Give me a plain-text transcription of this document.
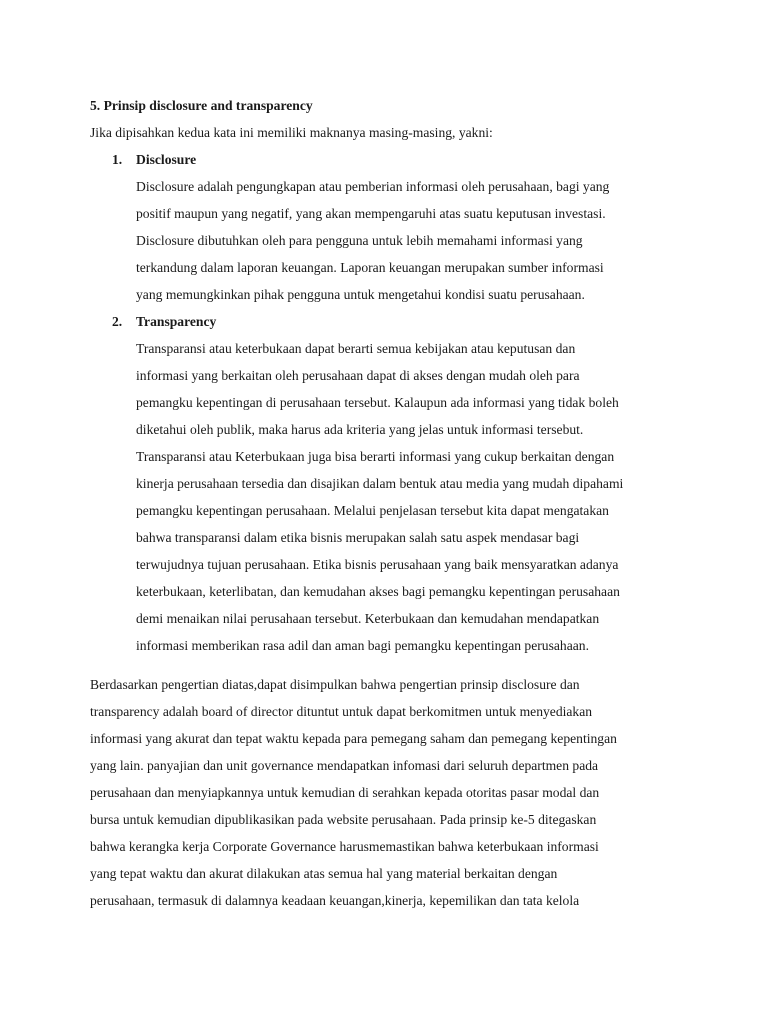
5. Prinsip disclosure and transparency

Jika dipisahkan kedua kata ini memiliki maknanya masing-masing, yakni:

1. Disclosure
Disclosure adalah pengungkapan atau pemberian informasi oleh perusahaan, bagi yang
positif maupun yang negatif, yang akan mempengaruhi atas suatu keputusan investasi.
Disclosure dibutuhkan oleh para pengguna untuk lebih memahami informasi yang
terkandung dalam laporan keuangan. Laporan keuangan merupakan sumber informasi
yang memungkinkan pihak pengguna untuk mengetahui kondisi suatu perusahaan.
2. Transparency
Transparansi atau keterbukaan dapat berarti semua kebijakan atau keputusan dan
informasi yang berkaitan oleh perusahaan dapat di akses dengan mudah oleh para
pemangku kepentingan di perusahaan tersebut. Kalaupun ada informasi yang tidak boleh
diketahui oleh publik, maka harus ada kriteria yang jelas untuk informasi tersebut.
Transparansi atau Keterbukaan juga bisa berarti informasi yang cukup berkaitan dengan
kinerja perusahaan tersedia dan disajikan dalam bentuk atau media yang mudah dipahami
pemangku kepentingan perusahaan. Melalui penjelasan tersebut kita dapat mengatakan
bahwa transparansi dalam etika bisnis merupakan salah satu aspek mendasar bagi
terwujudnya tujuan perusahaan. Etika bisnis perusahaan yang baik mensyaratkan adanya
keterbukaan, keterlibatan, dan kemudahan akses bagi pemangku kepentingan perusahaan
demi menaikan nilai perusahaan tersebut. Keterbukaan dan kemudahan mendapatkan
informasi memberikan rasa adil dan aman bagi pemangku kepentingan perusahaan.
Berdasarkan pengertian diatas,dapat disimpulkan bahwa pengertian prinsip disclosure dan
transparency adalah board of director dituntut untuk dapat berkomitmen untuk menyediakan
informasi yang akurat dan tepat waktu kepada para pemegang saham dan pemegang kepentingan
yang lain. panyajian dan unit governance mendapatkan infomasi dari seluruh departmen pada
perusahaan dan menyiapkannya untuk kemudian di serahkan kepada otoritas pasar modal dan
bursa untuk kemudian dipublikasikan pada website perusahaan. Pada prinsip ke-5 ditegaskan
bahwa kerangka kerja Corporate Governance harusmemastikan bahwa keterbukaan informasi
yang tepat waktu dan akurat dilakukan atas semua hal yang material berkaitan dengan
perusahaan, termasuk di dalamnya keadaan keuangan,kinerja, kepemilikan dan tata kelola
